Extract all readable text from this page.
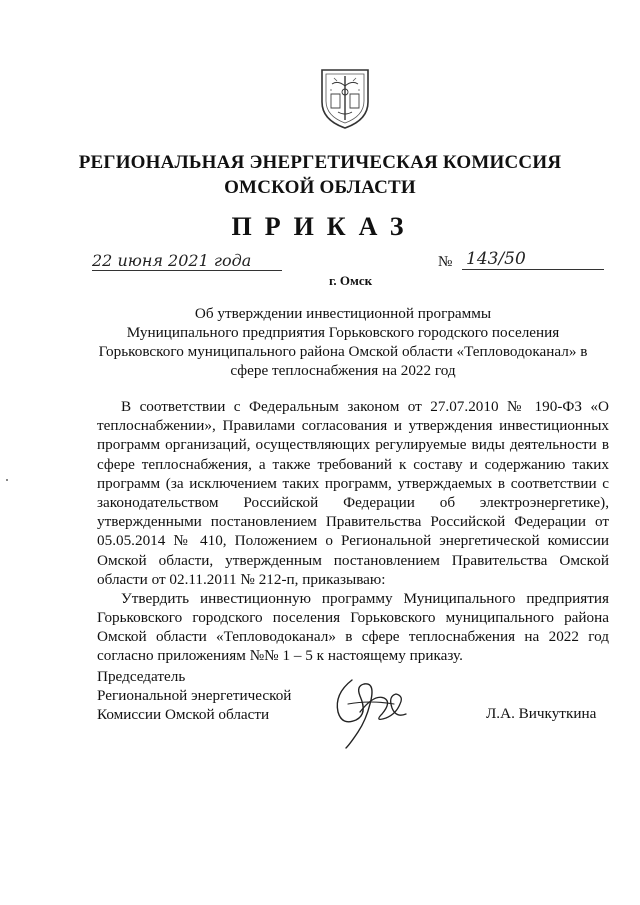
РЕГИОНАЛЬНАЯ ЭНЕРГЕТИЧЕСКАЯ КОМИССИЯ
ОМСКОЙ ОБЛАСТИ
ПРИКАЗ
22 июня 2021 года	№ 143/50
г. Омск
Об утверждении инвестиционной программы
Муниципального предприятия Горьковского городского поселения
Горьковского муниципального района Омской области «Тепловодоканал» в
сфере теплоснабжения на 2022 год
В соответствии с Федеральным законом от 27.07.2010 № 190-ФЗ «О
теплоснабжении», Правилами согласования и утверждения инвестиционных
программ организаций, осуществляющих регулируемые виды деятельности в
сфере теплоснабжения, а также требований к составу и содержанию таких
программ (за исключением таких программ, утверждаемых в соответствии с
законодательством Российской Федерации об электроэнергетике),
утвержденными постановлением Правительства Российской Федерации от
05.05.2014 № 410, Положением о Региональной энергетической комиссии
Омской области, утвержденным постановлением Правительства Омской
области от 02.11.2011 № 212-п, приказываю:
Утвердить инвестиционную программу Муниципального предприятия
Горьковского городского поселения Горьковского муниципального района
Омской области «Тепловодоканал» в сфере теплоснабжения на 2022 год
согласно приложениям №№ 1 – 5 к настоящему приказу.
Председатель
Региональной энергетической
Комиссии Омской области	Л.А. Вичкуткина
